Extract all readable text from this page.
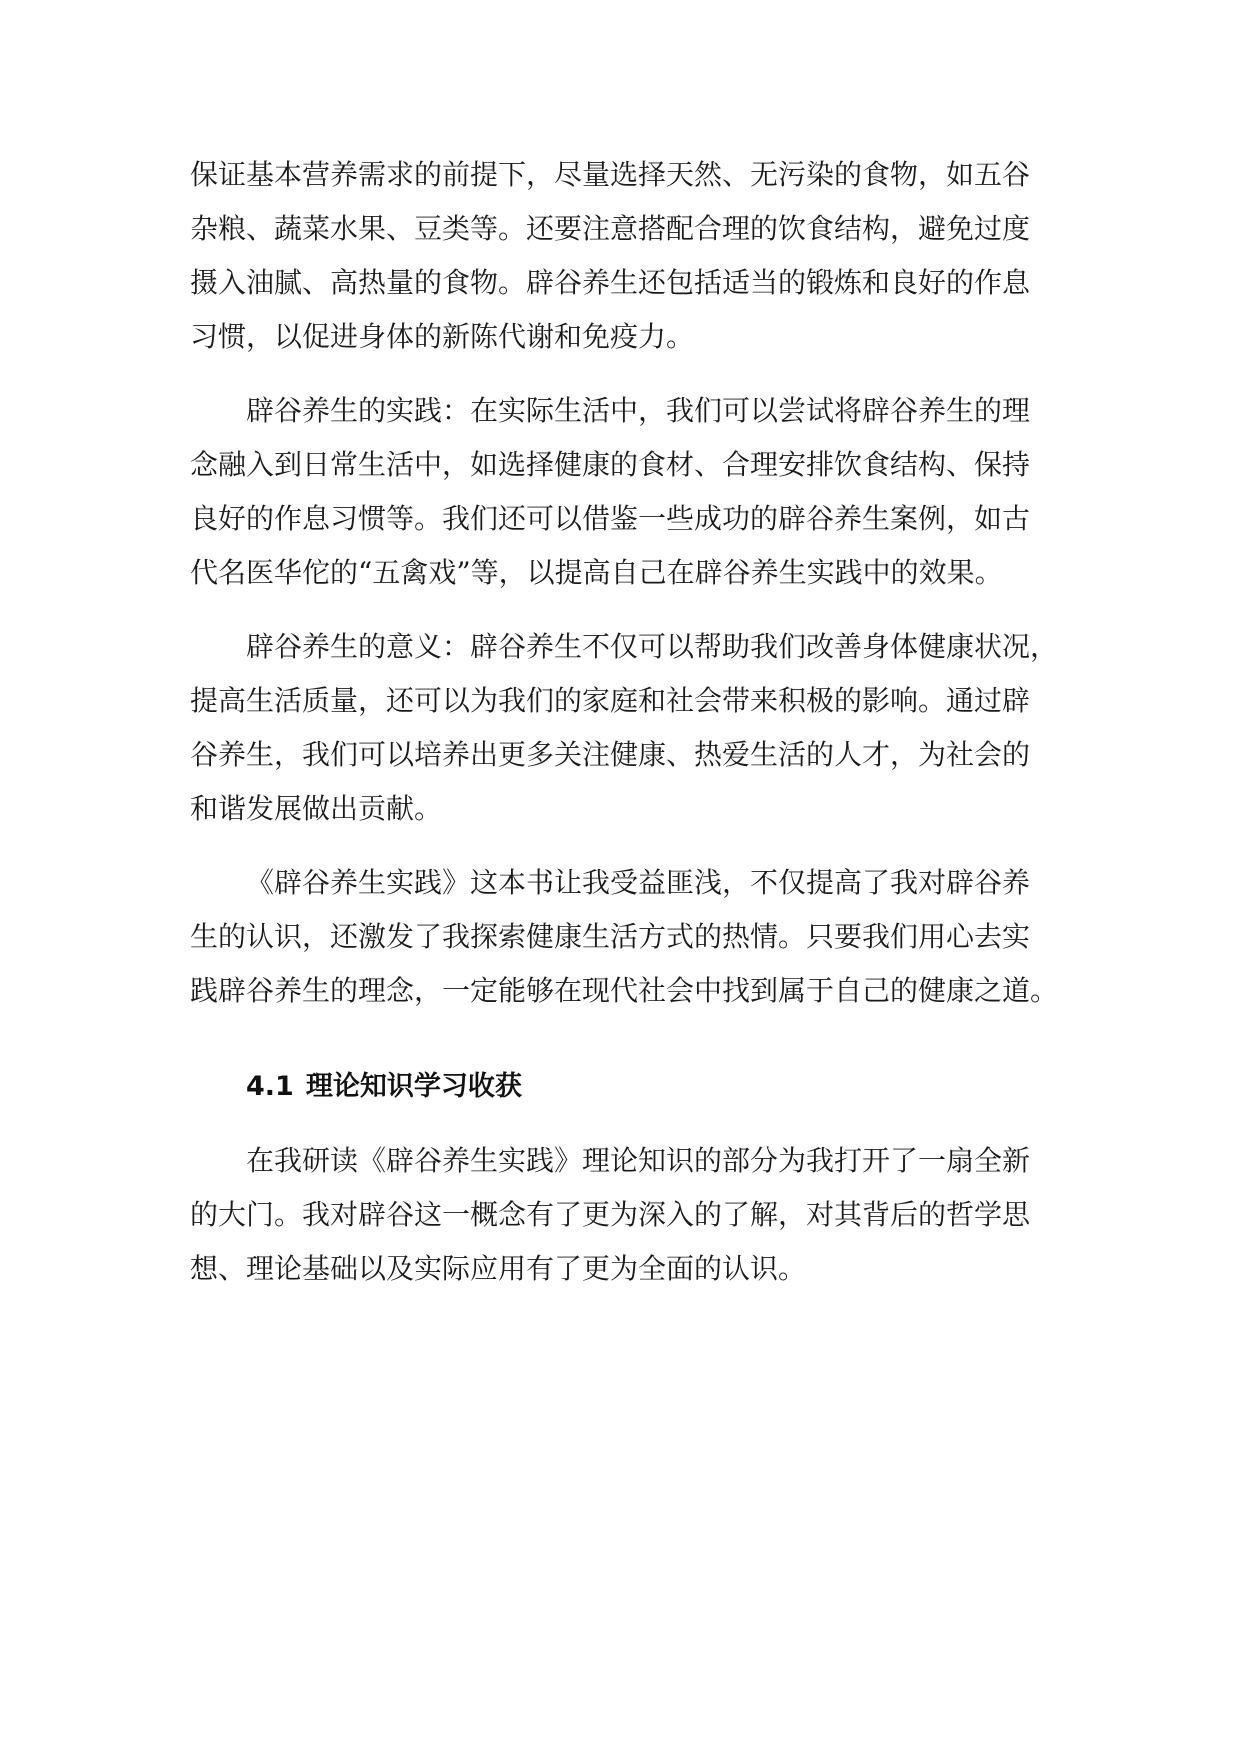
保证基本营养需求的前提下，尽量选择天然、无污染的食物，如五谷
杂粮、蔬菜水果、豆类等。还要注意搭配合理的饮食结构，避免过度
摄入油腻、高热量的食物。辟谷养生还包括适当的锻炼和良好的作息
习惯，以促进身体的新陈代谢和免疫力。

辟谷养生的实践：在实际生活中，我们可以尝试将辟谷养生的理
念融入到日常生活中，如选择健康的食材、合理安排饮食结构、保持
良好的作息习惯等。我们还可以借鉴一些成功的辟谷养生案例，如古
代名医华佗的“五禽戏”等，以提高自己在辟谷养生实践中的效果。

辟谷养生的意义：辟谷养生不仅可以帮助我们改善身体健康状况，
提高生活质量，还可以为我们的家庭和社会带来积极的影响。通过辟
谷养生，我们可以培养出更多关注健康、热爱生活的人才，为社会的
和谐发展做出贡献。

《辟谷养生实践》这本书让我受益匪浅，不仅提高了我对辟谷养
生的认识，还激发了我探索健康生活方式的热情。只要我们用心去实
践辟谷养生的理念，一定能够在现代社会中找到属于自己的健康之道。

4.1 理论知识学习收获

在我研读《辟谷养生实践》理论知识的部分为我打开了一扇全新
的大门。我对辟谷这一概念有了更为深入的了解，对其背后的哲学思
想、理论基础以及实际应用有了更为全面的认识。
